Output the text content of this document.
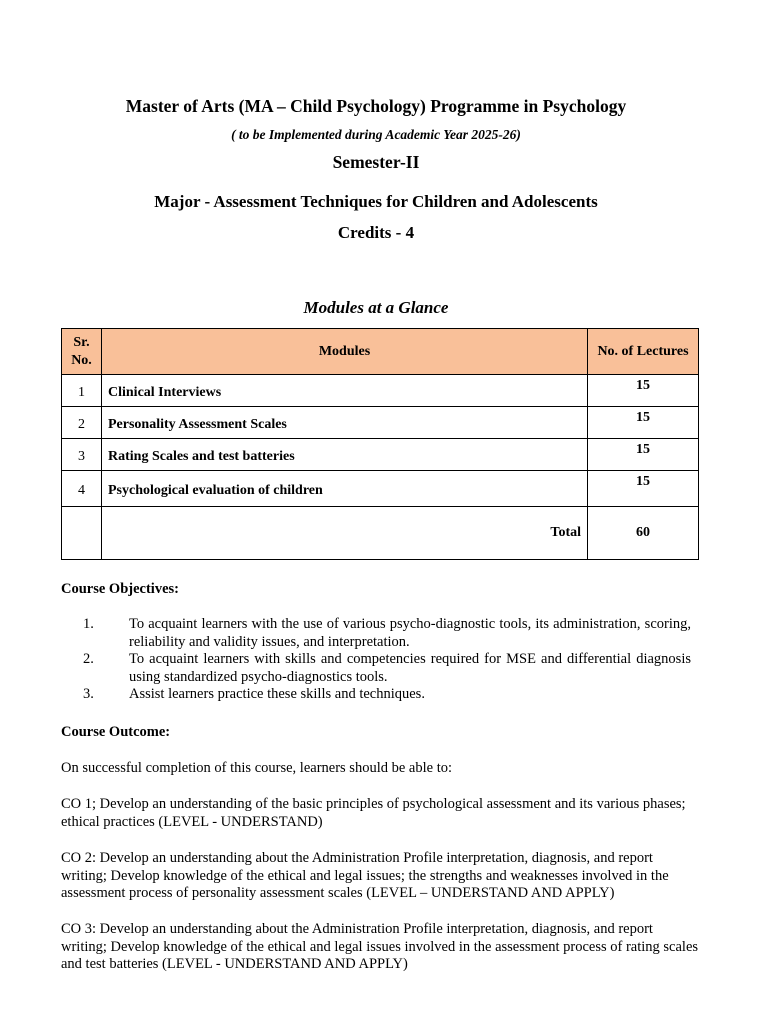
Master of Arts (MA – Child Psychology) Programme in Psychology
( to be Implemented during Academic Year 2025-26)
Semester-II
Major - Assessment Techniques for Children and Adolescents
Credits - 4
Modules at a Glance
Sr. No.	Modules	No. of Lectures
1	Clinical Interviews	15
2	Personality Assessment Scales	15
3	Rating Scales and test batteries	15
4	Psychological evaluation of children	15
	Total	60
Course Objectives:
1. To acquaint learners with the use of various psycho-diagnostic tools, its administration, scoring, reliability and validity issues, and interpretation.
2. To acquaint learners with skills and competencies required for MSE and differential diagnosis using standardized psycho-diagnostics tools.
3. Assist learners practice these skills and techniques.
Course Outcome:
On successful completion of this course, learners should be able to:
CO 1; Develop an understanding of the basic principles of psychological assessment and its various phases; ethical practices (LEVEL - UNDERSTAND)
CO 2: Develop an understanding about the Administration Profile interpretation, diagnosis, and report writing; Develop knowledge of the ethical and legal issues; the strengths and weaknesses involved in the assessment process of personality assessment scales (LEVEL – UNDERSTAND AND APPLY)
CO 3: Develop an understanding about the Administration Profile interpretation, diagnosis, and report writing; Develop knowledge of the ethical and legal issues involved in the assessment process of rating scales and test batteries (LEVEL - UNDERSTAND AND APPLY)
